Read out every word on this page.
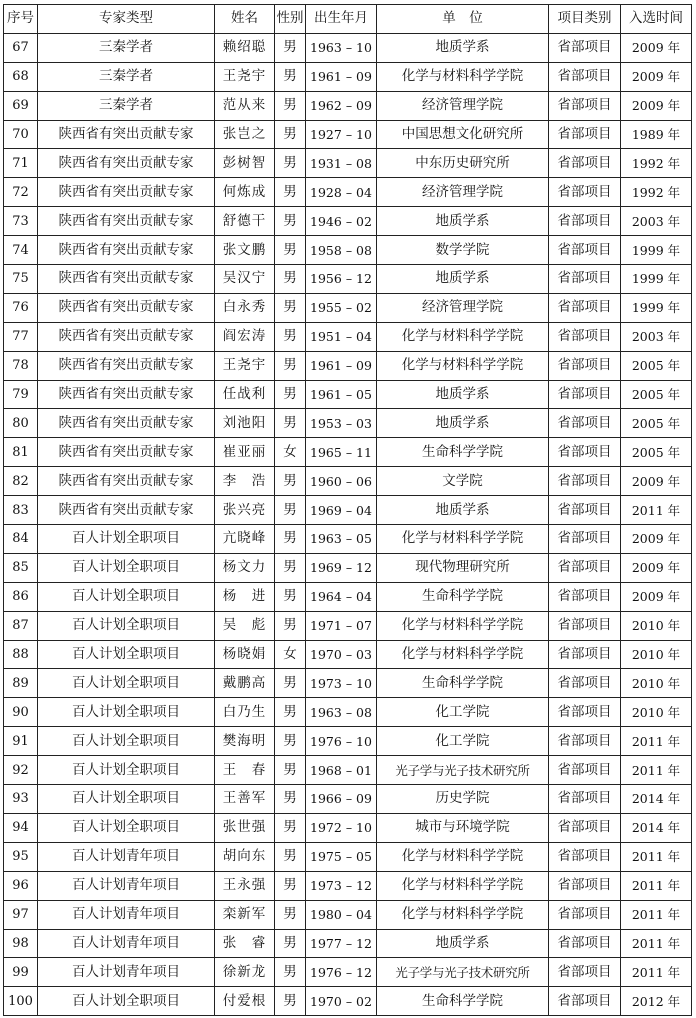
序号	专家类型	姓名	性别	出生年月	单　位	项目类别	入选时间
67	三秦学者	赖绍聪	男	1963 – 10	地质学系	省部项目	2009 年
68	三秦学者	王尧宇	男	1961 – 09	化学与材料科学学院	省部项目	2009 年
69	三秦学者	范从来	男	1962 – 09	经济管理学院	省部项目	2009 年
70	陕西省有突出贡献专家	张岂之	男	1927 – 10	中国思想文化研究所	省部项目	1989 年
71	陕西省有突出贡献专家	彭树智	男	1931 – 08	中东历史研究所	省部项目	1992 年
72	陕西省有突出贡献专家	何炼成	男	1928 – 04	经济管理学院	省部项目	1992 年
73	陕西省有突出贡献专家	舒德干	男	1946 – 02	地质学系	省部项目	2003 年
74	陕西省有突出贡献专家	张文鹏	男	1958 – 08	数学学院	省部项目	1999 年
75	陕西省有突出贡献专家	吴汉宁	男	1956 – 12	地质学系	省部项目	1999 年
76	陕西省有突出贡献专家	白永秀	男	1955 – 02	经济管理学院	省部项目	1999 年
77	陕西省有突出贡献专家	阎宏涛	男	1951 – 04	化学与材料科学学院	省部项目	2003 年
78	陕西省有突出贡献专家	王尧宇	男	1961 – 09	化学与材料科学学院	省部项目	2005 年
79	陕西省有突出贡献专家	任战利	男	1961 – 05	地质学系	省部项目	2005 年
80	陕西省有突出贡献专家	刘池阳	男	1953 – 03	地质学系	省部项目	2005 年
81	陕西省有突出贡献专家	崔亚丽	女	1965 – 11	生命科学学院	省部项目	2005 年
82	陕西省有突出贡献专家	李　浩	男	1960 – 06	文学院	省部项目	2009 年
83	陕西省有突出贡献专家	张兴亮	男	1969 – 04	地质学系	省部项目	2011 年
84	百人计划全职项目	亢晓峰	男	1963 – 05	化学与材料科学学院	省部项目	2009 年
85	百人计划全职项目	杨文力	男	1969 – 12	现代物理研究所	省部项目	2009 年
86	百人计划全职项目	杨　进	男	1964 – 04	生命科学学院	省部项目	2009 年
87	百人计划全职项目	吴　彪	男	1971 – 07	化学与材料科学学院	省部项目	2010 年
88	百人计划全职项目	杨晓娟	女	1970 – 03	化学与材料科学学院	省部项目	2010 年
89	百人计划全职项目	戴鹏高	男	1973 – 10	生命科学学院	省部项目	2010 年
90	百人计划全职项目	白乃生	男	1963 – 08	化工学院	省部项目	2010 年
91	百人计划全职项目	樊海明	男	1976 – 10	化工学院	省部项目	2011 年
92	百人计划全职项目	王　春	男	1968 – 01	光子学与光子技术研究所	省部项目	2011 年
93	百人计划全职项目	王善军	男	1966 – 09	历史学院	省部项目	2014 年
94	百人计划全职项目	张世强	男	1972 – 10	城市与环境学院	省部项目	2014 年
95	百人计划青年项目	胡向东	男	1975 – 05	化学与材料科学学院	省部项目	2011 年
96	百人计划青年项目	王永强	男	1973 – 12	化学与材料科学学院	省部项目	2011 年
97	百人计划青年项目	栾新军	男	1980 – 04	化学与材料科学学院	省部项目	2011 年
98	百人计划青年项目	张　睿	男	1977 – 12	地质学系	省部项目	2011 年
99	百人计划青年项目	徐新龙	男	1976 – 12	光子学与光子技术研究所	省部项目	2011 年
100	百人计划全职项目	付爱根	男	1970 – 02	生命科学学院	省部项目	2012 年
